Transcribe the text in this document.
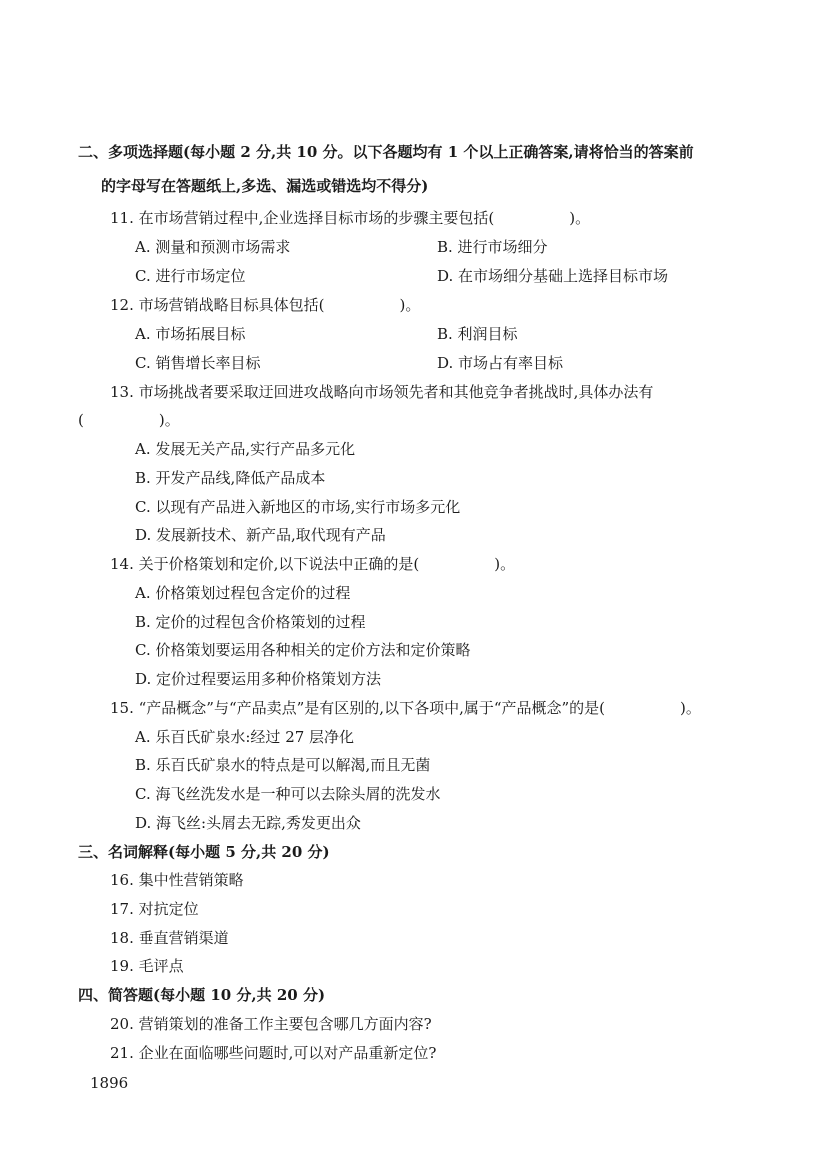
二、多项选择题(每小题 2 分,共 10 分。以下各题均有 1 个以上正确答案,请将恰当的答案前
的字母写在答题纸上,多选、漏选或错选均不得分)
11. 在市场营销过程中,企业选择目标市场的步骤主要包括(　　　　　)。
A. 测量和预测市场需求	B. 进行市场细分
C. 进行市场定位	D. 在市场细分基础上选择目标市场
12. 市场营销战略目标具体包括(　　　　　)。
A. 市场拓展目标	B. 利润目标
C. 销售增长率目标	D. 市场占有率目标
13. 市场挑战者要采取迂回进攻战略向市场领先者和其他竞争者挑战时,具体办法有
(　　　　　)。
A. 发展无关产品,实行产品多元化
B. 开发产品线,降低产品成本
C. 以现有产品进入新地区的市场,实行市场多元化
D. 发展新技术、新产品,取代现有产品
14. 关于价格策划和定价,以下说法中正确的是(　　　　　)。
A. 价格策划过程包含定价的过程
B. 定价的过程包含价格策划的过程
C. 价格策划要运用各种相关的定价方法和定价策略
D. 定价过程要运用多种价格策划方法
15. “产品概念”与“产品卖点”是有区别的,以下各项中,属于“产品概念”的是(　　　　　)。
A. 乐百氏矿泉水:经过 27 层净化
B. 乐百氏矿泉水的特点是可以解渴,而且无菌
C. 海飞丝洗发水是一种可以去除头屑的洗发水
D. 海飞丝:头屑去无踪,秀发更出众
三、名词解释(每小题 5 分,共 20 分)
16. 集中性营销策略
17. 对抗定位
18. 垂直营销渠道
19. 毛评点
四、简答题(每小题 10 分,共 20 分)
20. 营销策划的准备工作主要包含哪几方面内容?
21. 企业在面临哪些问题时,可以对产品重新定位?
1896
